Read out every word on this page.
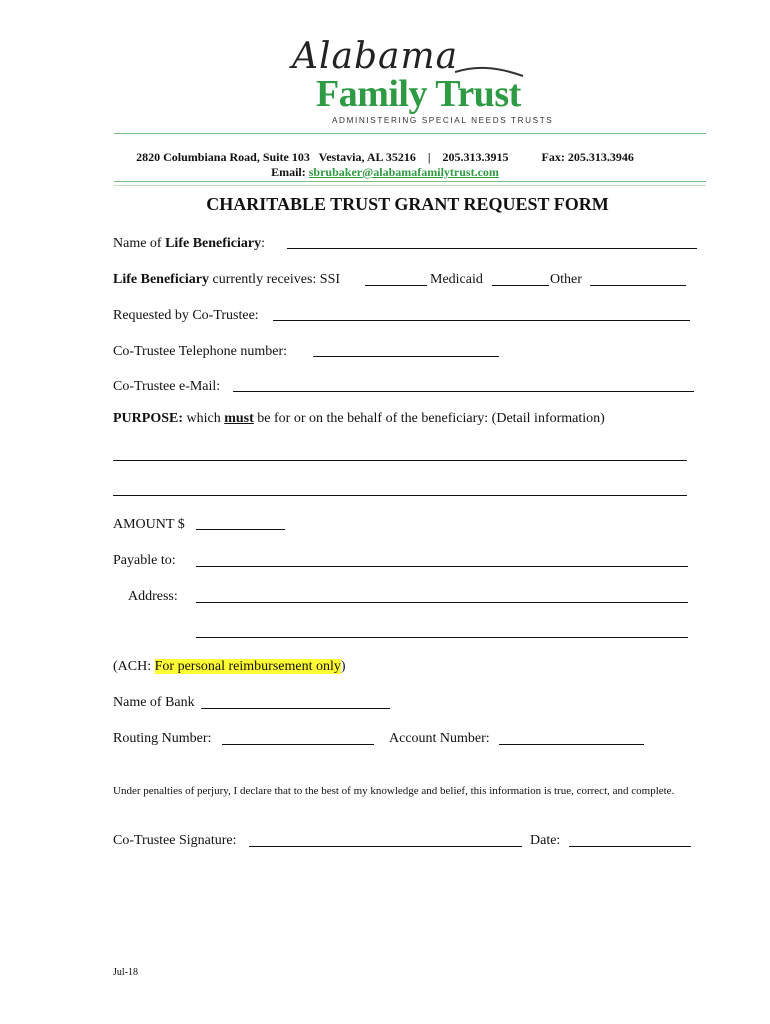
Alabama
Family Trust
ADMINISTERING SPECIAL NEEDS TRUSTS
2820 Columbiana Road, Suite 103 Vestavia, AL 35216 | 205.313.3915	Fax: 205.313.3946
Email: sbrubaker@alabamafamilytrust.com
CHARITABLE TRUST GRANT REQUEST FORM
Name of Life Beneficiary:
Life Beneficiary currently receives: SSI	Medicaid	Other
Requested by Co-Trustee:
Co-Trustee Telephone number:
Co-Trustee e-Mail:
PURPOSE: which must be for or on the behalf of the beneficiary: (Detail information)
AMOUNT $
Payable to:
Address:
(ACH: For personal reimbursement only)
Name of Bank
Routing Number:	Account Number:
Under penalties of perjury, I declare that to the best of my knowledge and belief, this information is true, correct, and complete.
Co-Trustee Signature:	Date:
Jul-18
